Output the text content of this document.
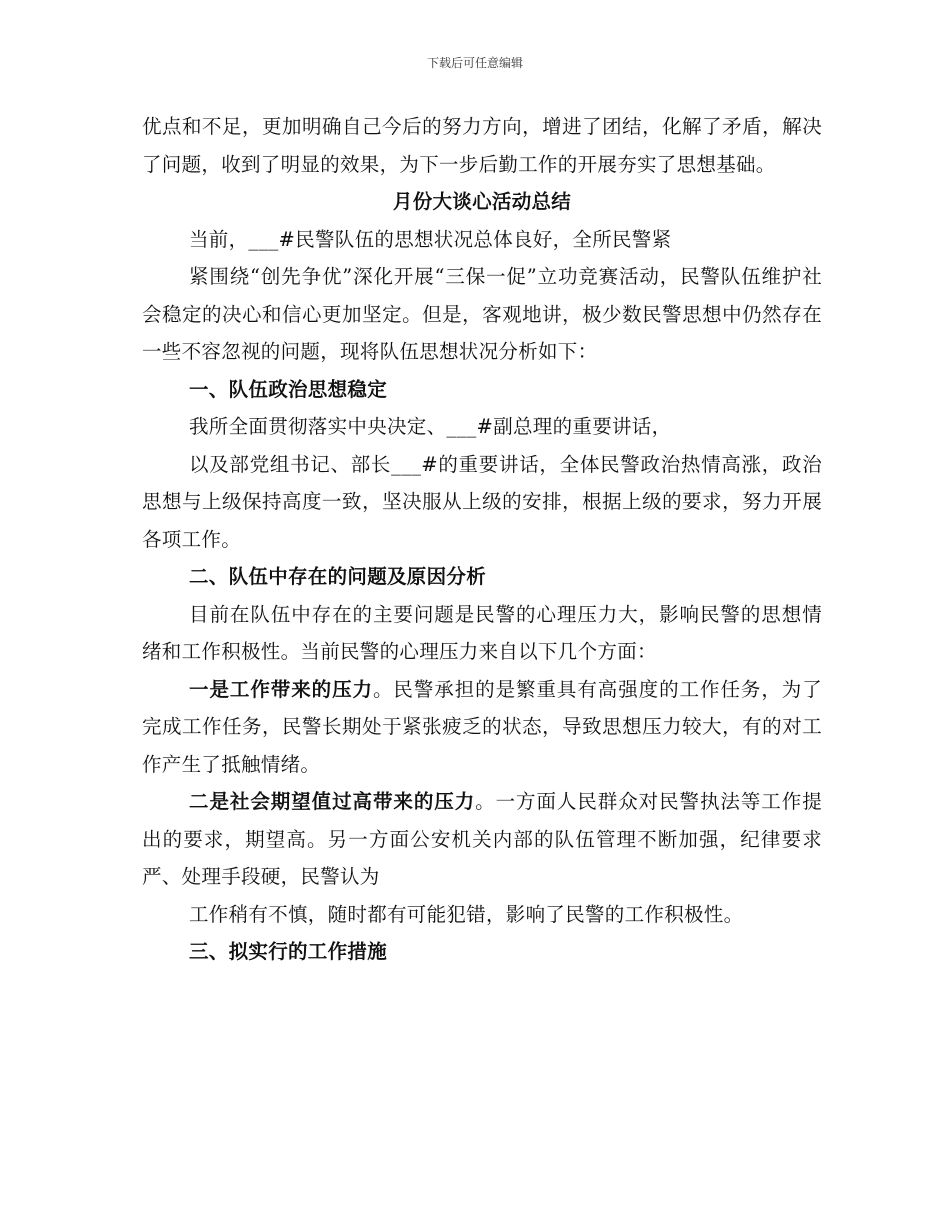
下载后可任意编辑

优点和不足，更加明确自己今后的努力方向，增进了团结，化解了矛盾，解决了问题，收到了明显的效果，为下一步后勤工作的开展夯实了思想基础。

月份大谈心活动总结

当前，___#民警队伍的思想状况总体良好，全所民警紧

紧围绕“创先争优”深化开展“三保一促”立功竞赛活动，民警队伍维护社会稳定的决心和信心更加坚定。但是，客观地讲，极少数民警思想中仍然存在一些不容忽视的问题，现将队伍思想状况分析如下：

一、队伍政治思想稳定

我所全面贯彻落实中央决定、___#副总理的重要讲话，

以及部党组书记、部长___#的重要讲话，全体民警政治热情高涨，政治思想与上级保持高度一致，坚决服从上级的安排，根据上级的要求，努力开展各项工作。

二、队伍中存在的问题及原因分析

目前在队伍中存在的主要问题是民警的心理压力大，影响民警的思想情绪和工作积极性。当前民警的心理压力来自以下几个方面：

一是工作带来的压力。民警承担的是繁重具有高强度的工作任务，为了完成工作任务，民警长期处于紧张疲乏的状态，导致思想压力较大，有的对工作产生了抵触情绪。

二是社会期望值过高带来的压力。一方面人民群众对民警执法等工作提出的要求，期望高。另一方面公安机关内部的队伍管理不断加强，纪律要求严、处理手段硬，民警认为

工作稍有不慎，随时都有可能犯错，影响了民警的工作积极性。

三、拟实行的工作措施
